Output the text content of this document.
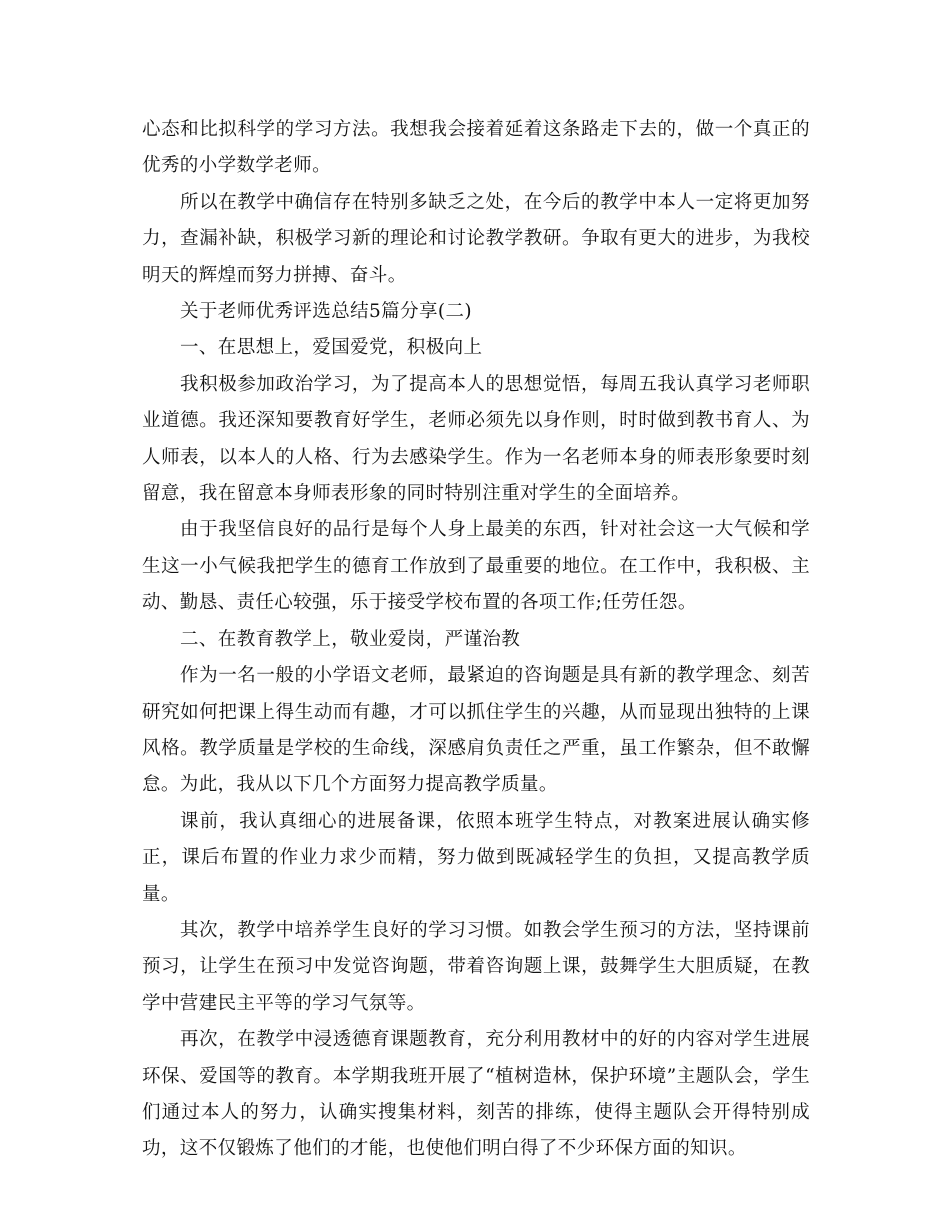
心态和比拟科学的学习方法。我想我会接着延着这条路走下去的，做一个真正的优秀的小学数学老师。

所以在教学中确信存在特别多缺乏之处，在今后的教学中本人一定将更加努力，查漏补缺，积极学习新的理论和讨论教学教研。争取有更大的进步，为我校明天的辉煌而努力拼搏、奋斗。

关于老师优秀评选总结5篇分享(二)

一、在思想上，爱国爱党，积极向上

我积极参加政治学习，为了提高本人的思想觉悟，每周五我认真学习老师职业道德。我还深知要教育好学生，老师必须先以身作则，时时做到教书育人、为人师表，以本人的人格、行为去感染学生。作为一名老师本身的师表形象要时刻留意，我在留意本身师表形象的同时特别注重对学生的全面培养。

由于我坚信良好的品行是每个人身上最美的东西，针对社会这一大气候和学生这一小气候我把学生的德育工作放到了最重要的地位。在工作中，我积极、主动、勤恳、责任心较强，乐于接受学校布置的各项工作;任劳任怨。

二、在教育教学上，敬业爱岗，严谨治教

作为一名一般的小学语文老师，最紧迫的咨询题是具有新的教学理念、刻苦研究如何把课上得生动而有趣，才可以抓住学生的兴趣，从而显现出独特的上课风格。教学质量是学校的生命线，深感肩负责任之严重，虽工作繁杂，但不敢懈怠。为此，我从以下几个方面努力提高教学质量。

课前，我认真细心的进展备课，依照本班学生特点，对教案进展认确实修正，课后布置的作业力求少而精，努力做到既减轻学生的负担，又提高教学质量。

其次，教学中培养学生良好的学习习惯。如教会学生预习的方法，坚持课前预习，让学生在预习中发觉咨询题，带着咨询题上课，鼓舞学生大胆质疑，在教学中营建民主平等的学习气氛等。

再次，在教学中浸透德育课题教育，充分利用教材中的好的内容对学生进展环保、爱国等的教育。本学期我班开展了“植树造林，保护环境”主题队会，学生们通过本人的努力，认确实搜集材料，刻苦的排练，使得主题队会开得特别成功，这不仅锻炼了他们的才能，也使他们明白得了不少环保方面的知识。
